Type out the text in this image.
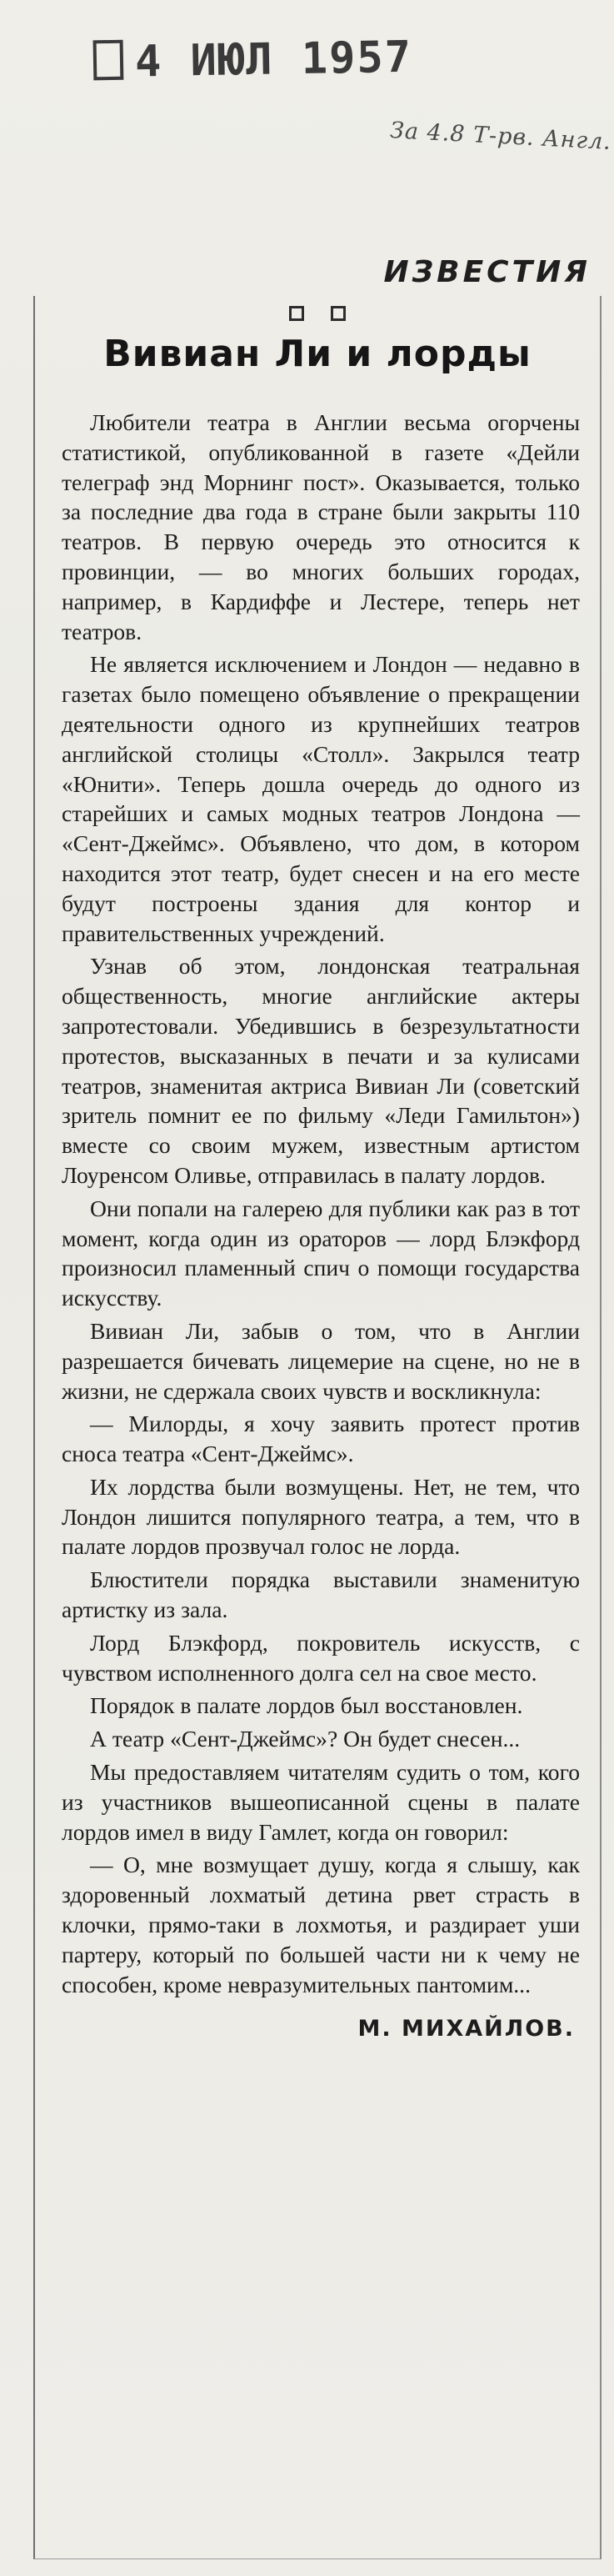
4 ИЮЛ 1957
За 4.8 Т-рв. Англ.
ИЗВЕСТИЯ
Вивиан Ли и лорды

Любители театра в Англии весьма огорчены статистикой, опубликованной в газете «Дейли телеграф энд Морнинг пост». Оказывается, только за последние два года в стране были закрыты 110 театров. В первую очередь это относится к провинции, — во многих больших городах, например, в Кардиффе и Лестере, теперь нет театров.

Не является исключением и Лондон — недавно в газетах было помещено объявление о прекращении деятельности одного из крупнейших театров английской столицы «Столл». Закрылся театр «Юнити». Теперь дошла очередь до одного из старейших и самых модных театров Лондона — «Сент-Джеймс». Объявлено, что дом, в котором находится этот театр, будет снесен и на его месте будут построены здания для контор и правительственных учреждений.

Узнав об этом, лондонская театральная общественность, многие английские актеры запротестовали. Убедившись в безрезультатности протестов, высказанных в печати и за кулисами театров, знаменитая актриса Вивиан Ли (советский зритель помнит ее по фильму «Леди Гамильтон») вместе со своим мужем, известным артистом Лоуренсом Оливье, отправилась в палату лордов.

Они попали на галерею для публики как раз в тот момент, когда один из ораторов — лорд Блэкфорд произносил пламенный спич о помощи государства искусству.

Вивиан Ли, забыв о том, что в Англии разрешается бичевать лицемерие на сцене, но не в жизни, не сдержала своих чувств и воскликнула:

— Милорды, я хочу заявить протест против сноса театра «Сент-Джеймс».

Их лордства были возмущены. Нет, не тем, что Лондон лишится популярного театра, а тем, что в палате лордов прозвучал голос не лорда.

Блюстители порядка выставили знаменитую артистку из зала.

Лорд Блэкфорд, покровитель искусств, с чувством исполненного долга сел на свое место.

Порядок в палате лордов был восстановлен.

А театр «Сент-Джеймс»? Он будет снесен...

Мы предоставляем читателям судить о том, кого из участников вышеописанной сцены в палате лордов имел в виду Гамлет, когда он говорил:

— О, мне возмущает душу, когда я слышу, как здоровенный лохматый детина рвет страсть в клочки, прямо-таки в лохмотья, и раздирает уши партеру, который по большей части ни к чему не способен, кроме невразумительных пантомим...

М. МИХАЙЛОВ.
